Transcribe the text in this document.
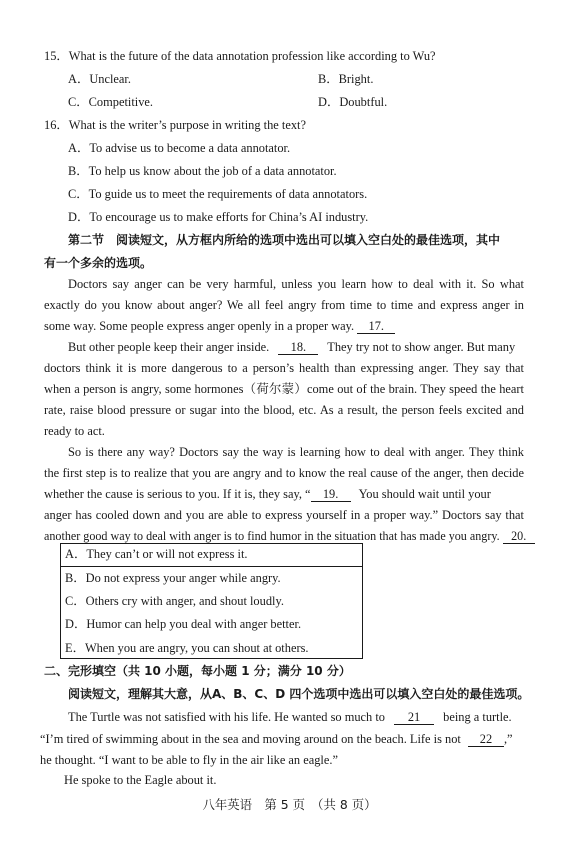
15．What is the future of the data annotation profession like according to Wu?
A．Unclear.	B．Bright.
C．Competitive.	D．Doubtful.
16．What is the writer’s purpose in writing the text?
A．To advise us to become a data annotator.
B．To help us know about the job of a data annotator.
C．To guide us to meet the requirements of data annotators.
D．To encourage us to make efforts for China’s AI industry.
第二节　阅读短文，从方框内所给的选项中选出可以填入空白处的最佳选项，其中
有一个多余的选项。
Doctors say anger can be very harmful, unless you learn how to deal with it. So what
exactly do you know about anger? We all feel angry from time to time and express anger in
some way. Some people express anger openly in a proper way. 17.
But other people keep their anger inside. 18. They try not to show anger. But many
doctors think it is more dangerous to a person’s health than expressing anger. They say that
when a person is angry, some hormones（荷尔蒙）come out of the brain. They speed the heart
rate, raise blood pressure or sugar into the blood, etc. As a result, the person feels excited and
ready to act.
So is there any way? Doctors say the way is learning how to deal with anger. They think
the first step is to realize that you are angry and to know the real cause of the anger, then decide
whether the cause is serious to you. If it is, they say, “ 19. You should wait until your
anger has cooled down and you are able to express yourself in a proper way.” Doctors say that
another good way to deal with anger is to find humor in the situation that has made you angry. 20.
A．They can’t or will not express it.
B．Do not express your anger while angry.
C．Others cry with anger, and shout loudly.
D．Humor can help you deal with anger better.
E．When you are angry, you can shout at others.
二、完形填空（共 10 小题，每小题 1 分；满分 10 分）
阅读短文，理解其大意，从A、B、C、D 四个选项中选出可以填入空白处的最佳选项。
The Turtle was not satisfied with his life. He wanted so much to 21 being a turtle.
“I’m tired of swimming about in the sea and moving around on the beach. Life is not 22 ,”
he thought. “I want to be able to fly in the air like an eagle.”
He spoke to the Eagle about it.
八年英语　第 5 页　（共 8 页）
